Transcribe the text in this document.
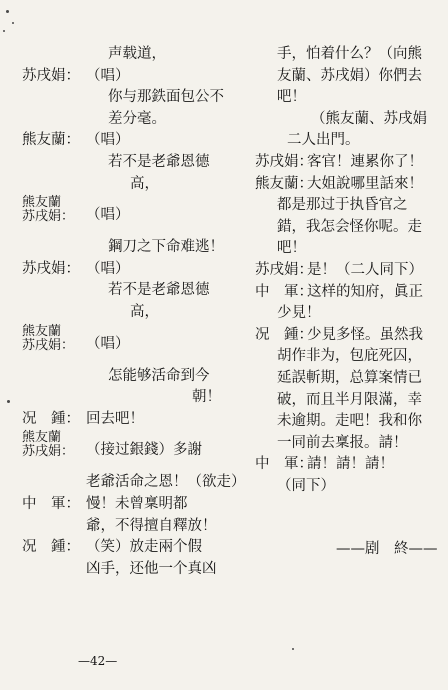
声载道，
苏戌娟： （唱）
你与那鉄面包公不
差分毫。
熊友蘭： （唱）
若不是老爺恩德
高，
熊友蘭
苏戌娟： （唱）
鋼刀之下命难逃！
苏戌娟： （唱）
若不是老爺恩德
高，
熊友蘭
苏戌娟： （唱）
怎能够活命到今
朝！
况　鍾： 回去吧！
熊友蘭
苏戌娟： （接过銀錢）多謝
老爺活命之恩！（欲走）
中　軍： 慢！未曾稟明都
爺，不得擅自釋放！
况　鍾： （笑）放走兩个假
凶手，还他一个真凶
手，怕着什么？（向熊
友蘭、苏戌娟）你們去
吧！
（熊友蘭、苏戌娟
二人出門。
苏戌娟：
客官！連累你了！
熊友蘭：
大姐說哪里話來！
都是那过于执昏官之
錯，我怎会怪你呢。走
吧！
苏戌娟：
是！（二人同下）
中　軍：
这样的知府，眞正
少見！
况　鍾：
少見多怪。虽然我
胡作非为，包庇死囚，
延誤斬期，总算案情已
破，而且半月限滿，幸
未逾期。走吧！我和你
一同前去稟报。請！
中　軍：
請！請！請！
（同下）
——剧　終——
—42—
